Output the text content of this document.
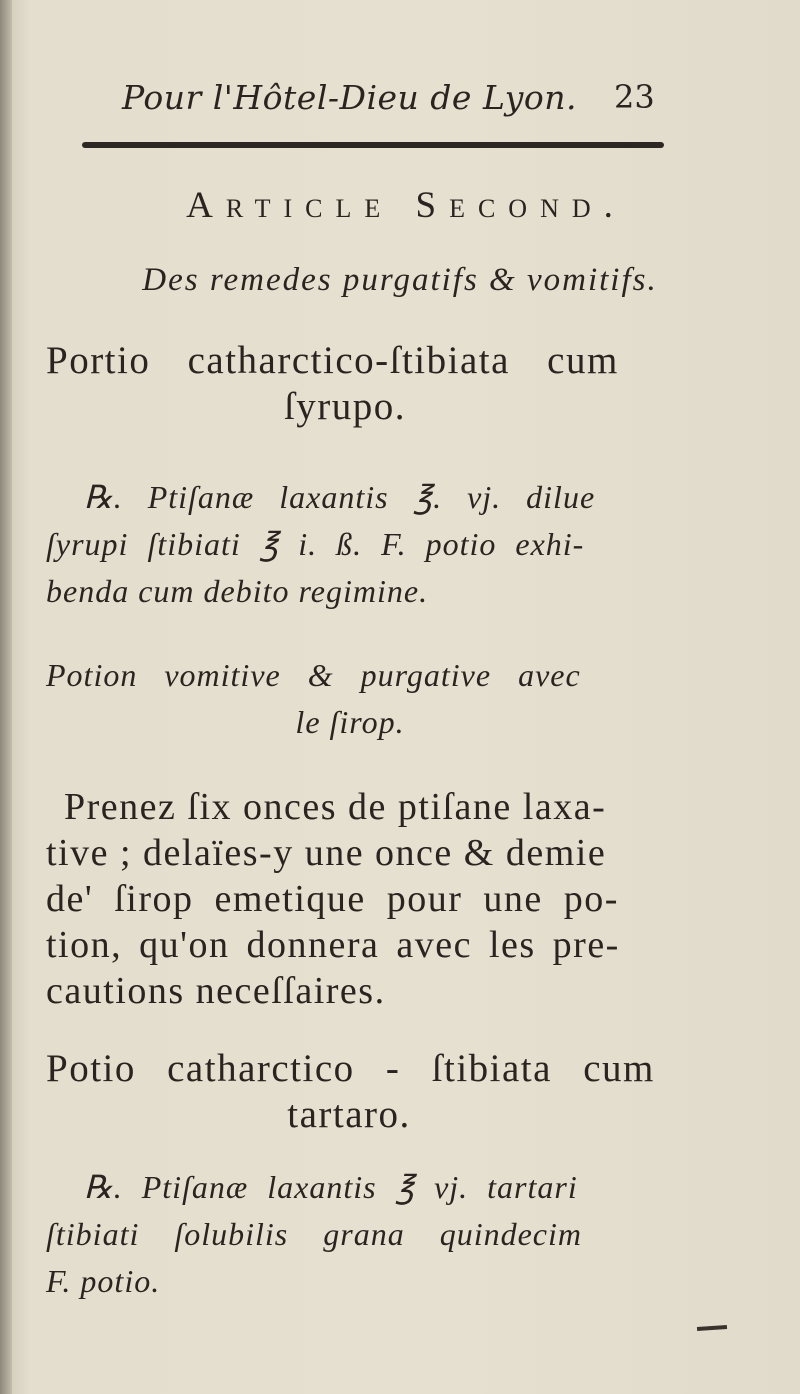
Pour l'Hôtel-Dieu de Lyon. 23
Article Second.
Des remedes purgatifs & vomitifs.
Portio catharctico-ſtibiata cum
ſyrupo.
℞. Ptiſanæ laxantis ℥. vj. dilue
ſyrupi ſtibiati ℥ i. ß. F. potio exhi-
benda cum debito regimine.
Potion vomitive & purgative avec
le ſirop.
Prenez ſix onces de ptiſane laxa-
tive ; delaïes-y une once & demie
de' ſirop emetique pour une po-
tion, qu'on donnera avec les pre-
cautions neceſſaires.
Potio catharctico - ſtibiata cum
tartaro.
℞. Ptiſanæ laxantis ℥ vj. tartari
ſtibiati ſolubilis grana quindecim
F. potio.
